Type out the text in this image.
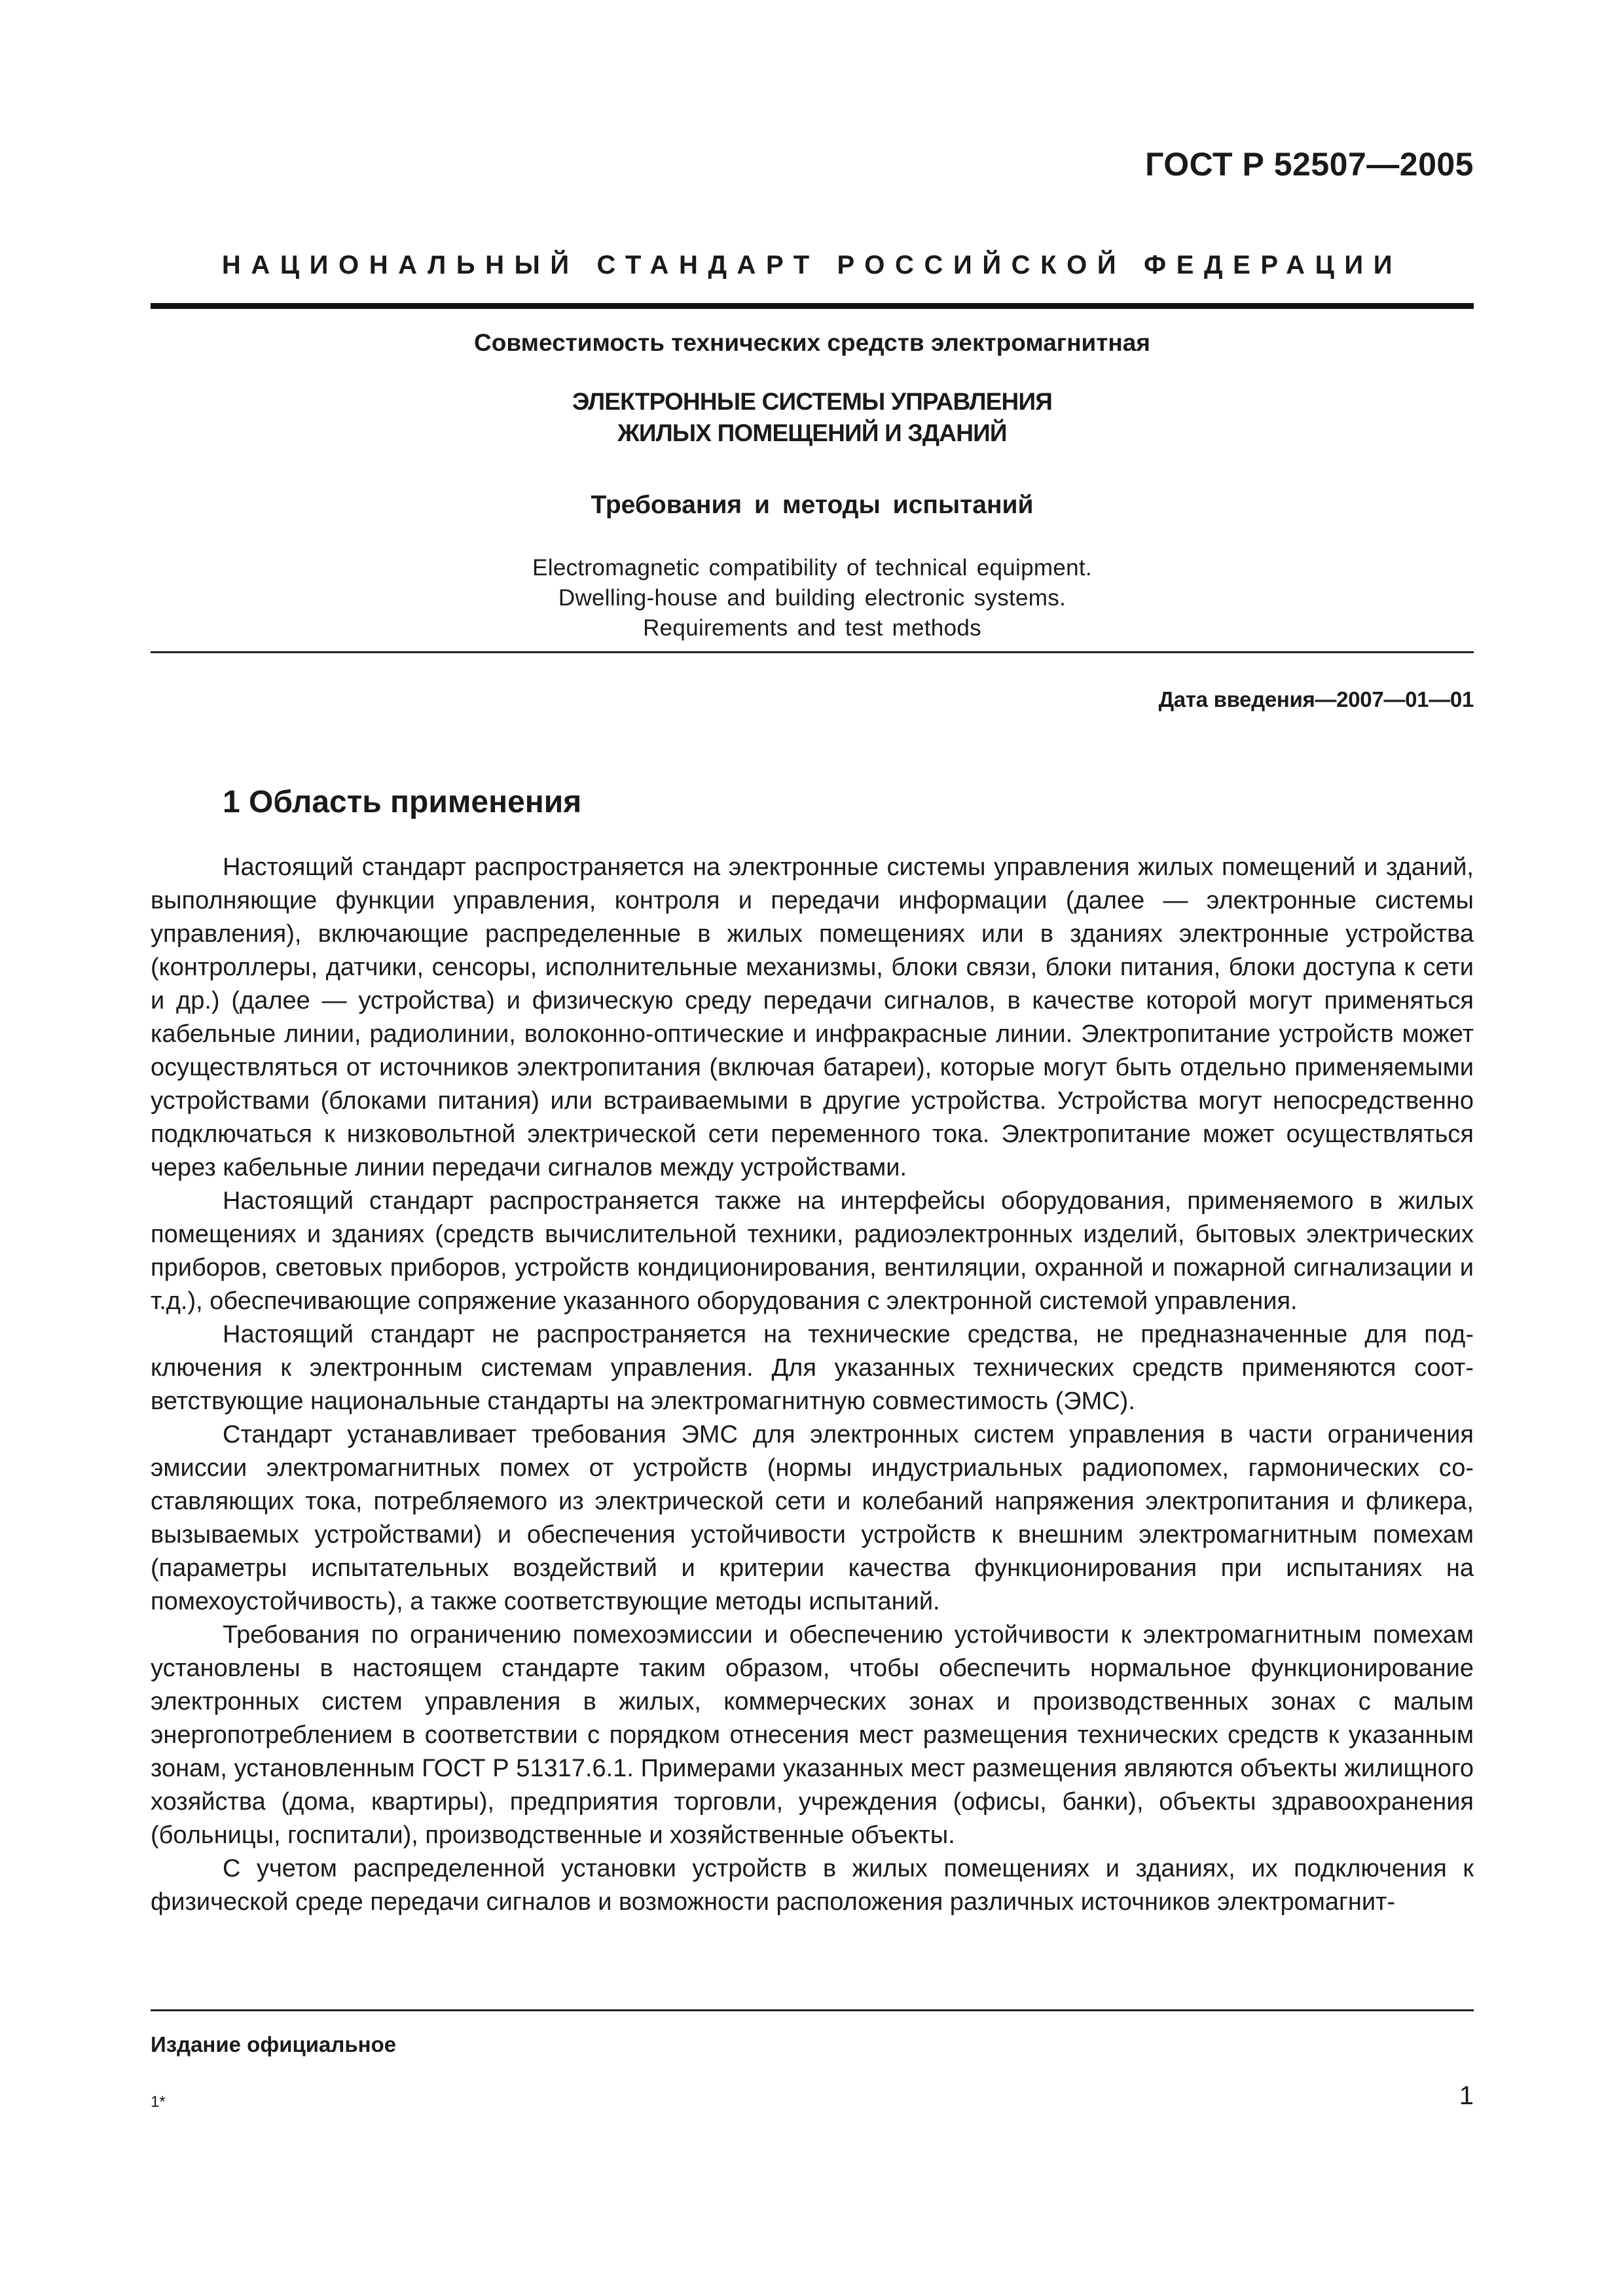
ГОСТ Р 52507—2005
НАЦИОНАЛЬНЫЙ СТАНДАРТ РОССИЙСКОЙ ФЕДЕРАЦИИ
Совместимость технических средств электромагнитная
ЭЛЕКТРОННЫЕ СИСТЕМЫ УПРАВЛЕНИЯ
ЖИЛЫХ ПОМЕЩЕНИЙ И ЗДАНИЙ
Требования и методы испытаний
Electromagnetic compatibility of technical equipment.
Dwelling-house and building electronic systems.
Requirements and test methods
Дата введения—2007—01—01
1 Область применения

Настоящий стандарт распространяется на электронные системы управления жилых помещений и зданий, выполняющие функции управления, контроля и передачи информации (далее — электронные системы управления), включающие распределенные в жилых помещениях или в зданиях электронные устройства (контроллеры, датчики, сенсоры, исполнительные механизмы, блоки связи, блоки питания, блоки доступа к сети и др.) (далее — устройства) и физическую среду передачи сигналов, в качестве которой могут применяться кабельные линии, радиолинии, волоконно-оптические и инфракрасные линии. Электропитание устройств может осуществляться от источников электропитания (включая батареи), которые могут быть отдельно применяемыми устройствами (блоками питания) или встраиваемыми в другие устройства. Устройства могут непосредственно подключаться к низковольтной электрической сети переменного тока. Электропитание может осуществляться через кабельные линии передачи сигналов между устройствами.

Настоящий стандарт распространяется также на интерфейсы оборудования, применяемого в жилых помещениях и зданиях (средств вычислительной техники, радиоэлектронных изделий, бытовых электрических приборов, световых приборов, устройств кондиционирования, вентиляции, охранной и пожарной сигнализации и т.д.), обеспечивающие сопряжение указанного оборудования с электронной системой управления.

Настоящий стандарт не распространяется на технические средства, не предназначенные для подключения к электронным системам управления. Для указанных технических средств применяются соответствующие национальные стандарты на электромагнитную совместимость (ЭМС).

Стандарт устанавливает требования ЭМС для электронных систем управления в части ограничения эмиссии электромагнитных помех от устройств (нормы индустриальных радиопомех, гармонических составляющих тока, потребляемого из электрической сети и колебаний напряжения электропитания и фликера, вызываемых устройствами) и обеспечения устойчивости устройств к внешним электромагнитным помехам (параметры испытательных воздействий и критерии качества функционирования при испытаниях на помехоустойчивость), а также соответствующие методы испытаний.

Требования по ограничению помехоэмиссии и обеспечению устойчивости к электромагнитным помехам установлены в настоящем стандарте таким образом, чтобы обеспечить нормальное функционирование электронных систем управления в жилых, коммерческих зонах и производственных зонах с малым энергопотреблением в соответствии с порядком отнесения мест размещения технических средств к указанным зонам, установленным ГОСТ Р 51317.6.1. Примерами указанных мест размещения являются объекты жилищного хозяйства (дома, квартиры), предприятия торговли, учреждения (офисы, банки), объекты здравоохранения (больницы, госпитали), производственные и хозяйственные объекты.

С учетом распределенной установки устройств в жилых помещениях и зданиях, их подключения к физической среде передачи сигналов и возможности расположения различных источников электромагнит-

Издание официальное
1*	1
